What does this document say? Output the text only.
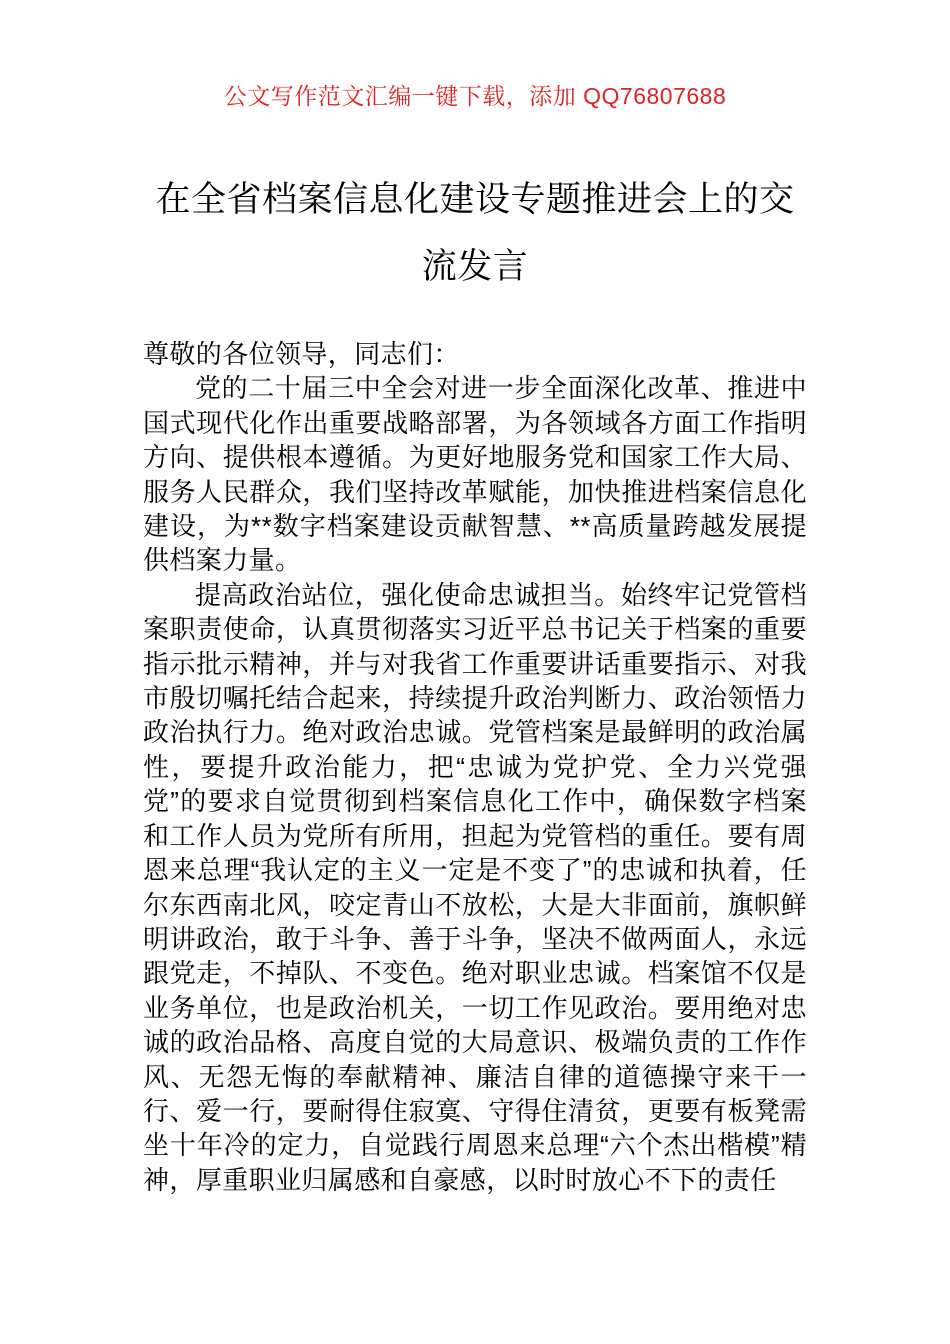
公文写作范文汇编一键下载，添加 QQ76807688
在全省档案信息化建设专题推进会上的交流发言

尊敬的各位领导，同志们：

党的二十届三中全会对进一步全面深化改革、推进中国式现代化作出重要战略部署，为各领域各方面工作指明方向、提供根本遵循。为更好地服务党和国家工作大局、服务人民群众，我们坚持改革赋能，加快推进档案信息化建设，为**数字档案建设贡献智慧、**高质量跨越发展提供档案力量。

提高政治站位，强化使命忠诚担当。始终牢记党管档案职责使命，认真贯彻落实习近平总书记关于档案的重要指示批示精神，并与对我省工作重要讲话重要指示、对我市殷切嘱托结合起来，持续提升政治判断力、政治领悟力政治执行力。绝对政治忠诚。党管档案是最鲜明的政治属性，要提升政治能力，把“忠诚为党护党、全力兴党强党”的要求自觉贯彻到档案信息化工作中，确保数字档案和工作人员为党所有所用，担起为党管档的重任。要有周恩来总理“我认定的主义一定是不变了”的忠诚和执着，任尔东西南北风，咬定青山不放松，大是大非面前，旗帜鲜明讲政治，敢于斗争、善于斗争，坚决不做两面人，永远跟党走，不掉队、不变色。绝对职业忠诚。档案馆不仅是业务单位，也是政治机关，一切工作见政治。要用绝对忠诚的政治品格、高度自觉的大局意识、极端负责的工作作风、无怨无悔的奉献精神、廉洁自律的道德操守来干一行、爱一行，要耐得住寂寞、守得住清贫，更要有板凳需坐十年冷的定力，自觉践行周恩来总理“六个杰出楷模”精神，厚重职业归属感和自豪感，以时时放心不下的责任
